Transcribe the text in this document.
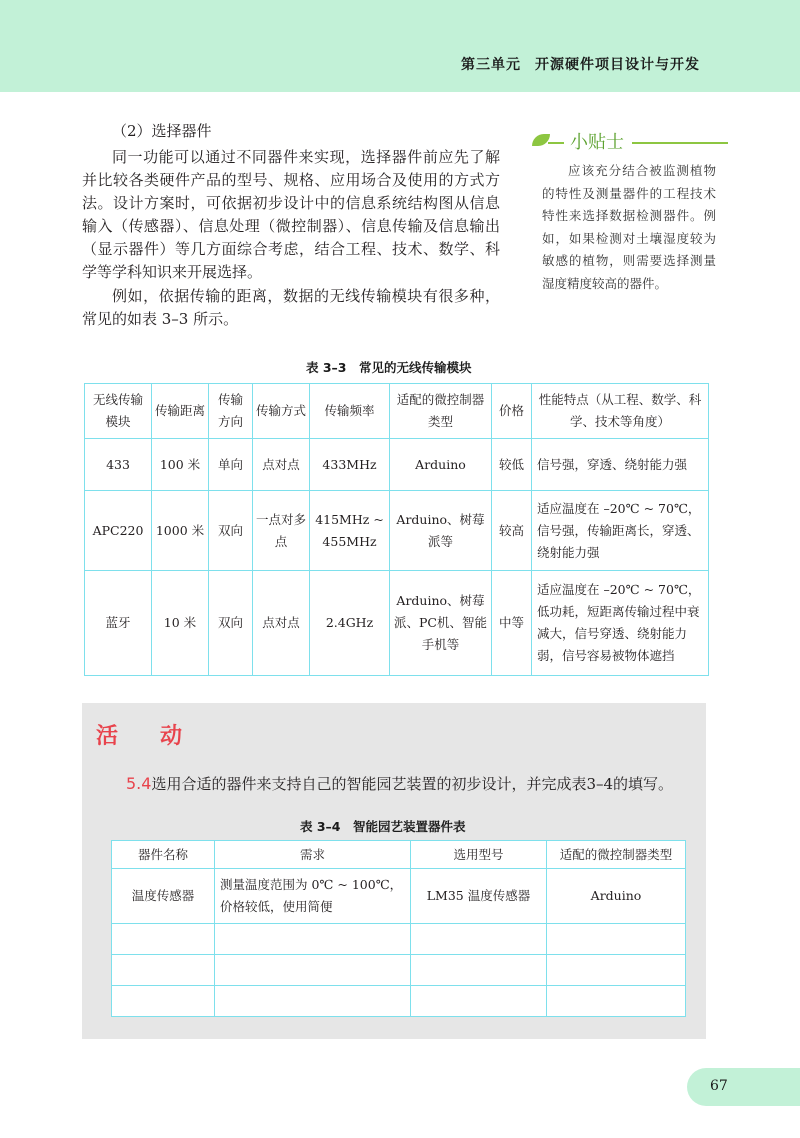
第三单元 开源硬件项目设计与开发
（2）选择器件

同一功能可以通过不同器件来实现，选择器件前应先了解并比较各类硬件产品的型号、规格、应用场合及使用的方式方法。设计方案时，可依据初步设计中的信息系统结构图从信息输入（传感器）、信息处理（微控制器）、信息传输及信息输出（显示器件）等几方面综合考虑，结合工程、技术、数学、科学等学科知识来开展选择。

例如，依据传输的距离，数据的无线传输模块有很多种，常见的如表 3–3 所示。

小贴士
应该充分结合被监测植物的特性及测量器件的工程技术特性来选择数据检测器件。例如，如果检测对土壤湿度较为敏感的植物，则需要选择测量湿度精度较高的器件。
表 3–3　常见的无线传输模块
无线传输模块	传输距离	传输方向	传输方式	传输频率	适配的微控制器类型	价格	性能特点（从工程、数学、科学、技术等角度）
433	100 米	单向	点对点	433MHz	Arduino	较低	信号强，穿透、绕射能力强
APC220	1000 米	双向	一点对多点	415MHz ~ 455MHz	Arduino、树莓派等	较高	适应温度在 –20℃ ~ 70℃，信号强，传输距离长，穿透、绕射能力强
蓝牙	10 米	双向	点对点	2.4GHz	Arduino、树莓派、PC机、智能手机等	中等	适应温度在 –20℃ ~ 70℃，低功耗，短距离传输过程中衰减大，信号穿透、绕射能力弱，信号容易被物体遮挡
活　动
5.4选用合适的器件来支持自己的智能园艺装置的初步设计，并完成表3–4的填写。
表 3–4　智能园艺装置器件表
器件名称	需求	选用型号	适配的微控制器类型
温度传感器	测量温度范围为 0℃ ~ 100℃，价格较低，使用简便	LM35 温度传感器	Arduino

67
